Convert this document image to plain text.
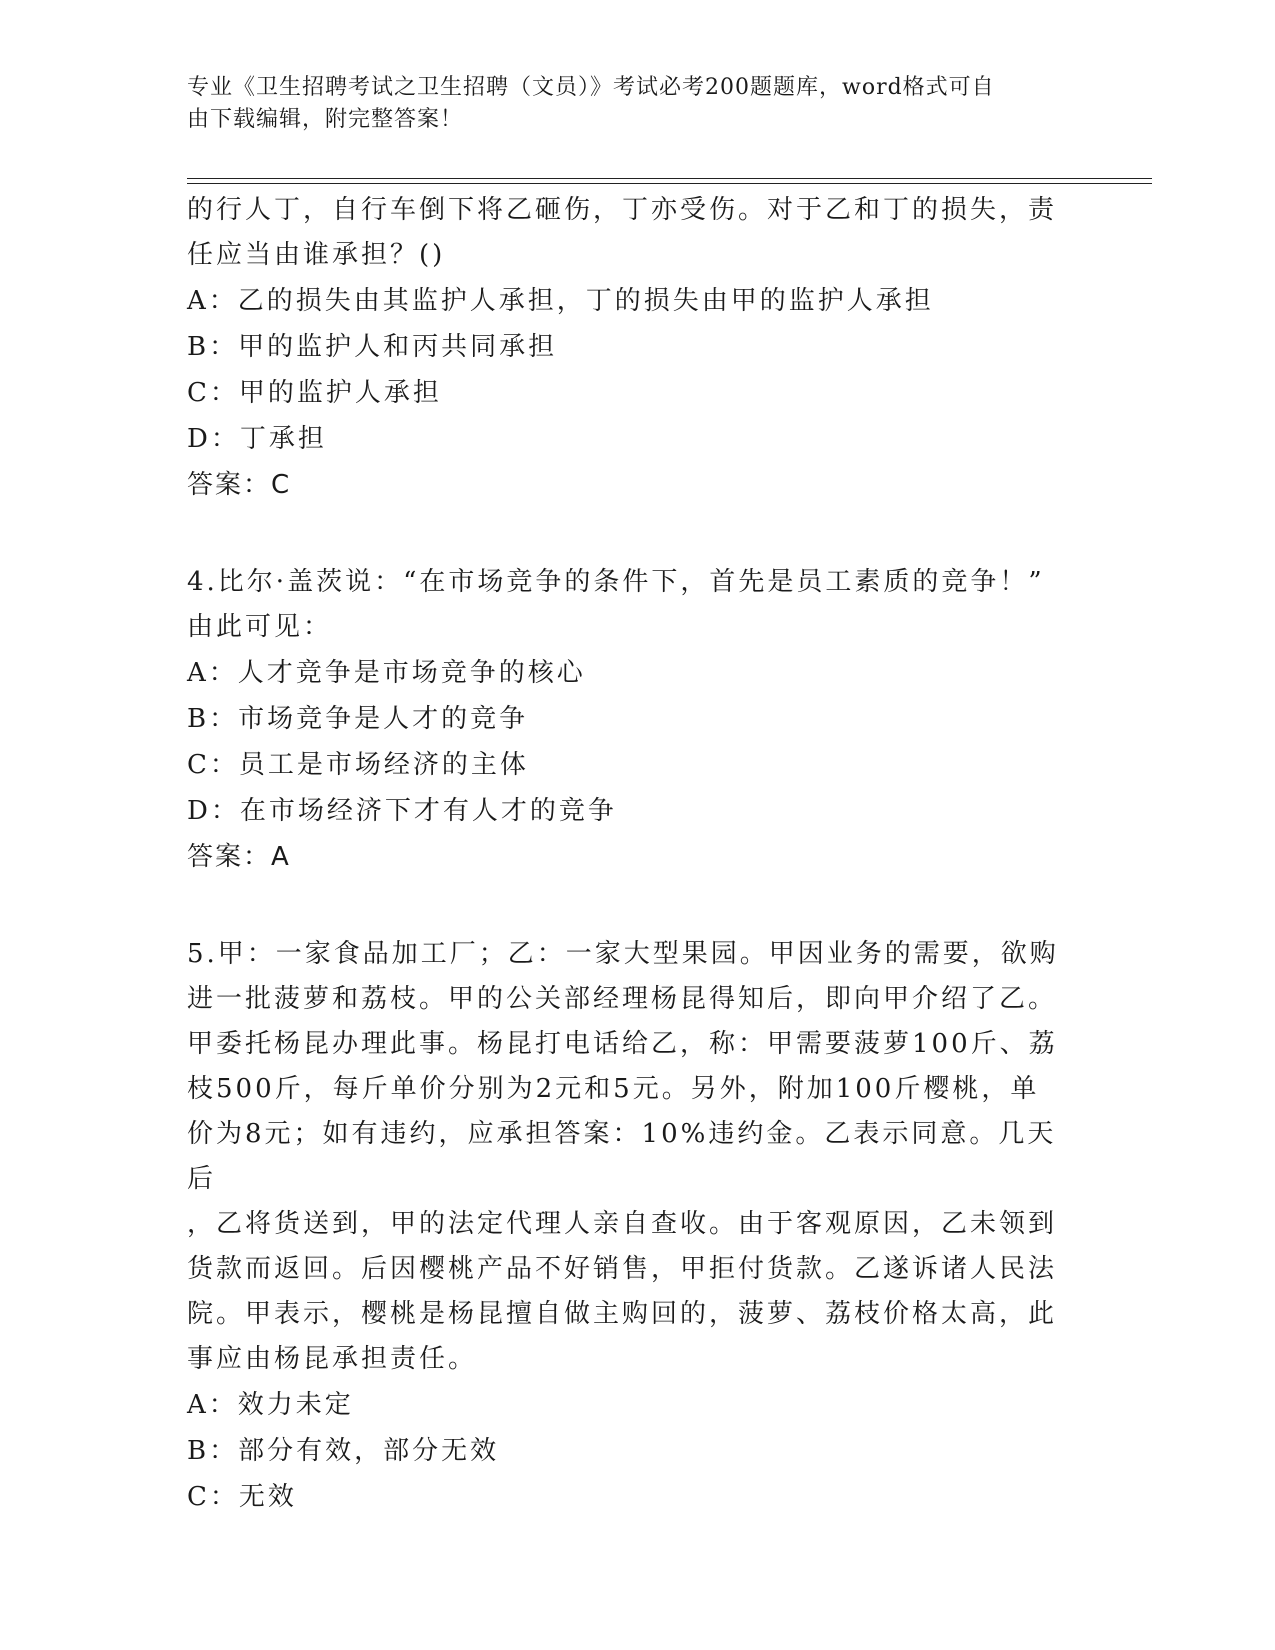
专业《卫生招聘考试之卫生招聘（文员）》考试必考200题题库，word格式可自
由下载编辑，附完整答案！

的行人丁，自行车倒下将乙砸伤，丁亦受伤。对于乙和丁的损失，责

任应当由谁承担？()

A：乙的损失由其监护人承担，丁的损失由甲的监护人承担

B：甲的监护人和丙共同承担

C：甲的监护人承担

D：丁承担

答案：C

4.比尔·盖茨说：“在市场竞争的条件下，首先是员工素质的竞争！”

由此可见：

A：人才竞争是市场竞争的核心

B：市场竞争是人才的竞争

C：员工是市场经济的主体

D：在市场经济下才有人才的竞争

答案：A

5.甲：一家食品加工厂；乙：一家大型果园。甲因业务的需要，欲购

进一批菠萝和荔枝。甲的公关部经理杨昆得知后，即向甲介绍了乙。

甲委托杨昆办理此事。杨昆打电话给乙，称：甲需要菠萝100斤、荔

枝500斤，每斤单价分别为2元和5元。另外，附加100斤樱桃，单

价为8元；如有违约，应承担答案：10%违约金。乙表示同意。几天后

，乙将货送到，甲的法定代理人亲自查收。由于客观原因，乙未领到

货款而返回。后因樱桃产品不好销售，甲拒付货款。乙遂诉诸人民法

院。甲表示，樱桃是杨昆擅自做主购回的，菠萝、荔枝价格太高，此

事应由杨昆承担责任。

A：效力未定

B：部分有效，部分无效

C：无效
